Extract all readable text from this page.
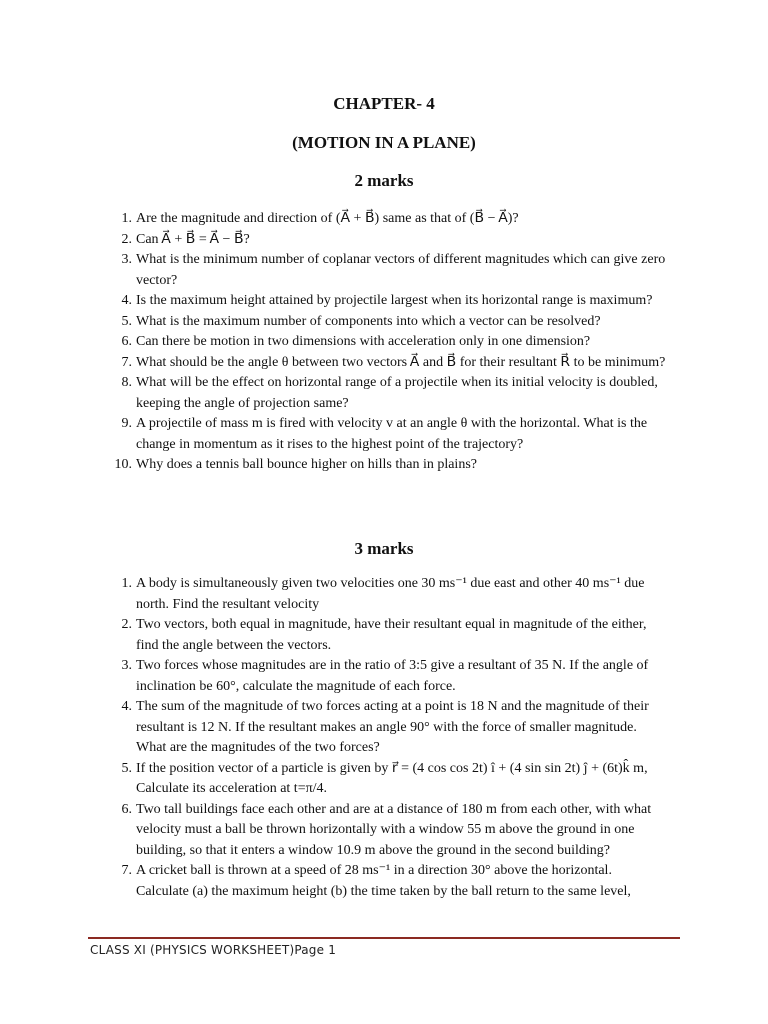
CHAPTER- 4
(MOTION IN A PLANE)
2 marks
1. Are the magnitude and direction of (A⃗ + B⃗) same as that of (B⃗ − A⃗)?
2. Can A⃗ + B⃗ = A⃗ − B⃗?
3. What is the minimum number of coplanar vectors of different magnitudes which can give zero vector?
4. Is the maximum height attained by projectile largest when its horizontal range is maximum?
5. What is the maximum number of components into which a vector can be resolved?
6. Can there be motion in two dimensions with acceleration only in one dimension?
7. What should be the angle θ between two vectors A⃗ and B⃗ for their resultant R⃗ to be minimum?
8. What will be the effect on horizontal range of a projectile when its initial velocity is doubled, keeping the angle of projection same?
9. A projectile of mass m is fired with velocity v at an angle θ with the horizontal. What is the change in momentum as it rises to the highest point of the trajectory?
10. Why does a tennis ball bounce higher on hills than in plains?
3 marks
1. A body is simultaneously given two velocities one 30 ms⁻¹ due east and other 40 ms⁻¹ due north. Find the resultant velocity
2. Two vectors, both equal in magnitude, have their resultant equal in magnitude of the either, find the angle between the vectors.
3. Two forces whose magnitudes are in the ratio of 3:5 give a resultant of 35 N. If the angle of inclination be 60°, calculate the magnitude of each force.
4. The sum of the magnitude of two forces acting at a point is 18 N and the magnitude of their resultant is 12 N. If the resultant makes an angle 90° with the force of smaller magnitude. What are the magnitudes of the two forces?
5. If the position vector of a particle is given by r⃗ = (4 cos cos 2t) î + (4 sin sin 2t) ĵ + (6t)k̂ m, Calculate its acceleration at t=π/4.
6. Two tall buildings face each other and are at a distance of 180 m from each other, with what velocity must a ball be thrown horizontally with a window 55 m above the ground in one building, so that it enters a window 10.9 m above the ground in the second building?
7. A cricket ball is thrown at a speed of 28 ms⁻¹ in a direction 30° above the horizontal. Calculate (a) the maximum height (b) the time taken by the ball return to the same level,
CLASS XI (PHYSICS WORKSHEET)Page 1
